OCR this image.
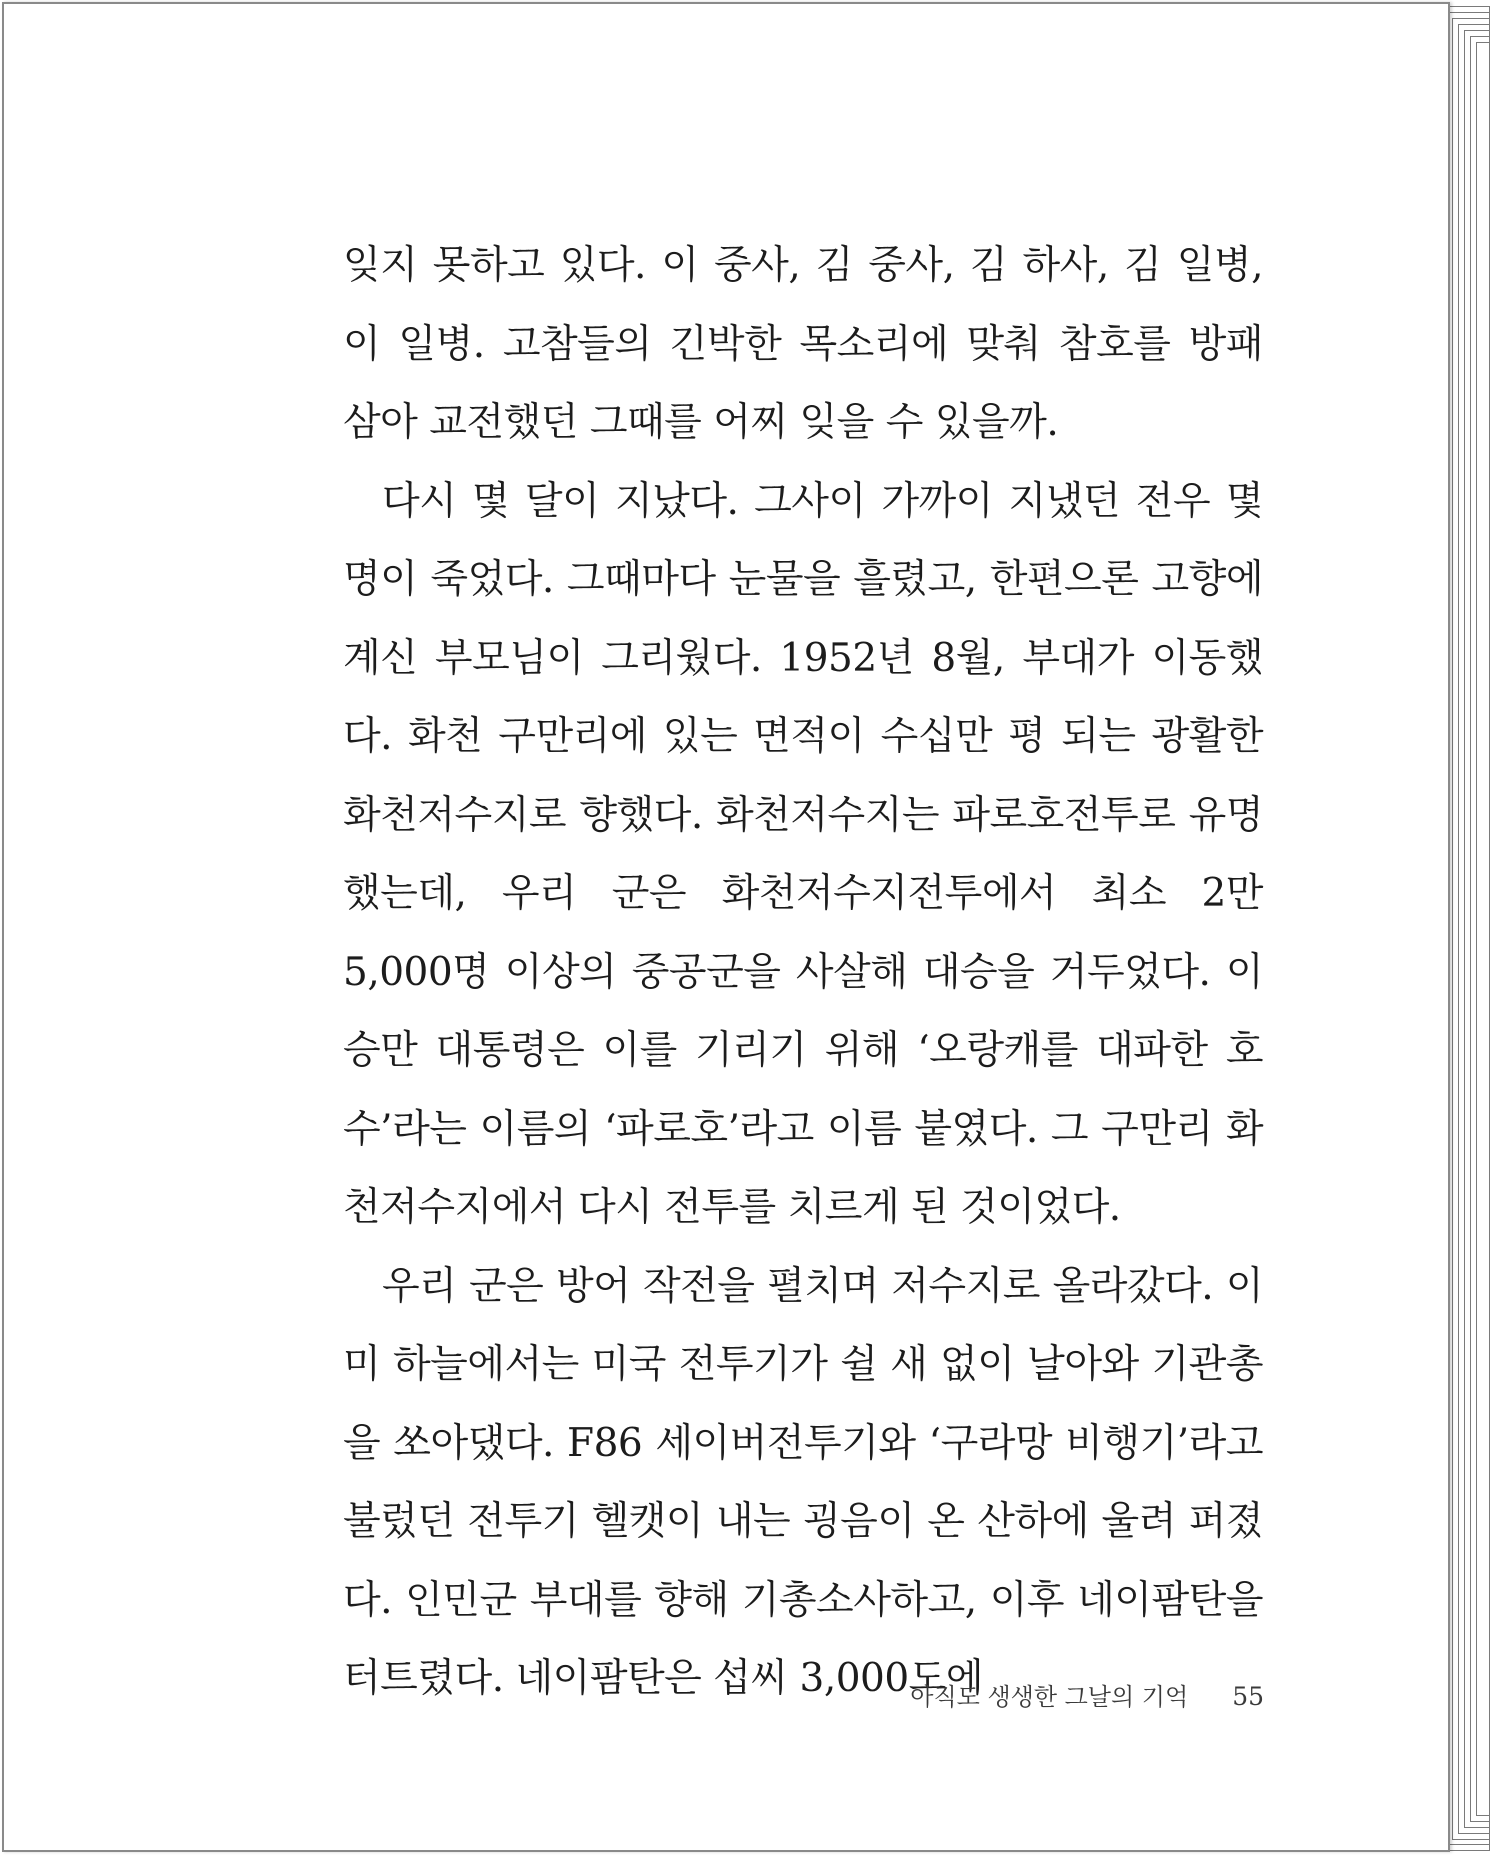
잊지 못하고 있다. 이 중사, 김 중사, 김 하사, 김 일병, 이 일병. 고참들의 긴박한 목소리에 맞춰 참호를 방패 삼아 교전했던 그때를 어찌 잊을 수 있을까.

다시 몇 달이 지났다. 그사이 가까이 지냈던 전우 몇 명이 죽었다. 그때마다 눈물을 흘렸고, 한편으론 고향에 계신 부모님이 그리웠다. 1952년 8월, 부대가 이동했다. 화천 구만리에 있는 면적이 수십만 평 되는 광활한 화천저수지로 향했다. 화천저수지는 파로호전투로 유명했는데, 우리 군은 화천저수지전투에서 최소 2만 5,000명 이상의 중공군을 사살해 대승을 거두었다. 이승만 대통령은 이를 기리기 위해 ‘오랑캐를 대파한 호수’라는 이름의 ‘파로호’라고 이름 붙였다. 그 구만리 화천저수지에서 다시 전투를 치르게 된 것이었다.

우리 군은 방어 작전을 펼치며 저수지로 올라갔다. 이미 하늘에서는 미국 전투기가 쉴 새 없이 날아와 기관총을 쏘아댔다. F86 세이버전투기와 ‘구라망 비행기’라고 불렀던 전투기 헬캣이 내는 굉음이 온 산하에 울려 퍼졌다. 인민군 부대를 향해 기총소사하고, 이후 네이팜탄을 터트렸다. 네이팜탄은 섭씨 3,000도에

아직도 생생한 그날의 기억 55
